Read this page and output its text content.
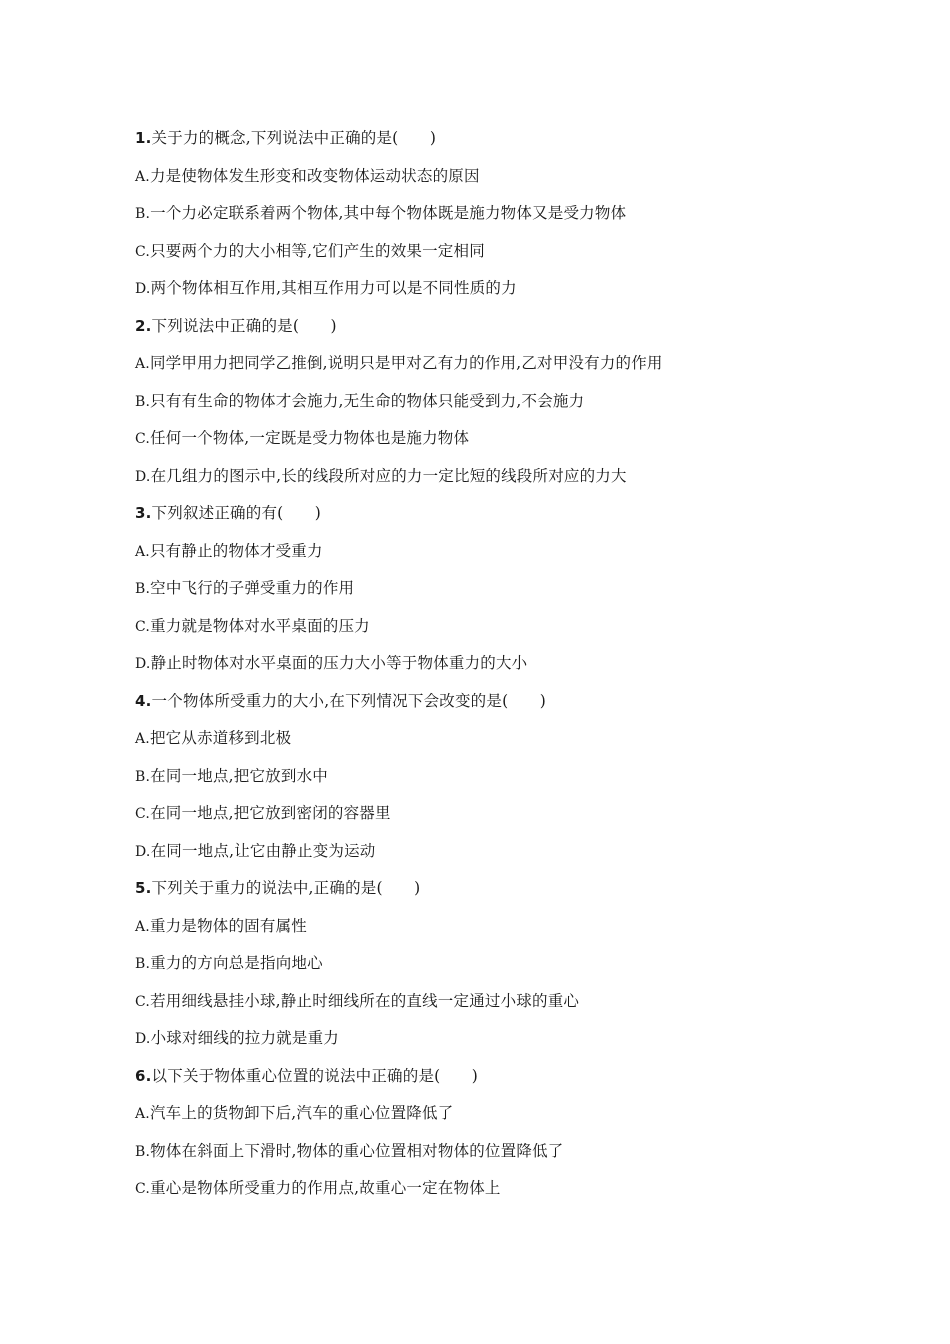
1.关于力的概念,下列说法中正确的是(　　)
A.力是使物体发生形变和改变物体运动状态的原因
B.一个力必定联系着两个物体,其中每个物体既是施力物体又是受力物体
C.只要两个力的大小相等,它们产生的效果一定相同
D.两个物体相互作用,其相互作用力可以是不同性质的力
2.下列说法中正确的是(　　)
A.同学甲用力把同学乙推倒,说明只是甲对乙有力的作用,乙对甲没有力的作用
B.只有有生命的物体才会施力,无生命的物体只能受到力,不会施力
C.任何一个物体,一定既是受力物体也是施力物体
D.在几组力的图示中,长的线段所对应的力一定比短的线段所对应的力大
3.下列叙述正确的有(　　)
A.只有静止的物体才受重力
B.空中飞行的子弹受重力的作用
C.重力就是物体对水平桌面的压力
D.静止时物体对水平桌面的压力大小等于物体重力的大小
4.一个物体所受重力的大小,在下列情况下会改变的是(　　)
A.把它从赤道移到北极
B.在同一地点,把它放到水中
C.在同一地点,把它放到密闭的容器里
D.在同一地点,让它由静止变为运动
5.下列关于重力的说法中,正确的是(　　)
A.重力是物体的固有属性
B.重力的方向总是指向地心
C.若用细线悬挂小球,静止时细线所在的直线一定通过小球的重心
D.小球对细线的拉力就是重力
6.以下关于物体重心位置的说法中正确的是(　　)
A.汽车上的货物卸下后,汽车的重心位置降低了
B.物体在斜面上下滑时,物体的重心位置相对物体的位置降低了
C.重心是物体所受重力的作用点,故重心一定在物体上
